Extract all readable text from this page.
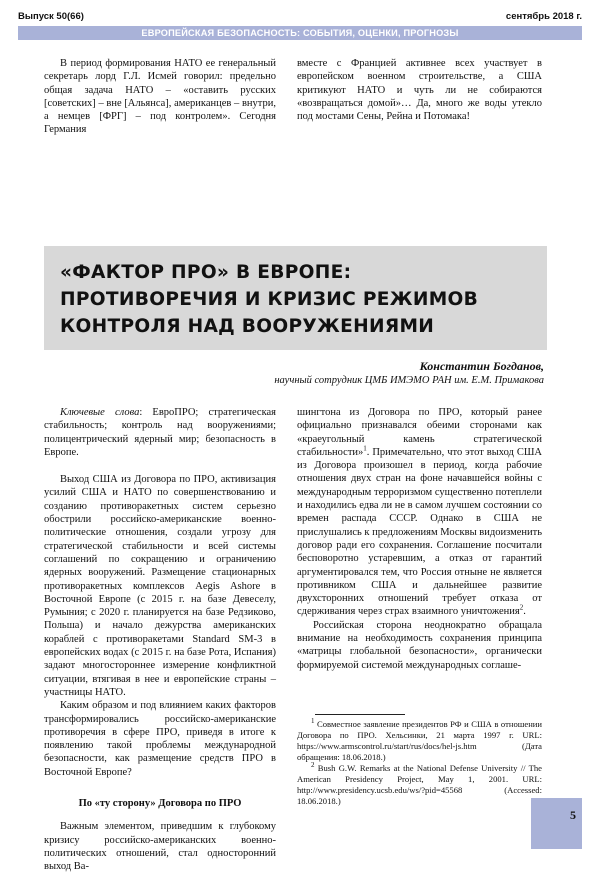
Выпуск 50(66)	сентябрь 2018 г.
ЕВРОПЕЙСКАЯ БЕЗОПАСНОСТЬ: СОБЫТИЯ, ОЦЕНКИ, ПРОГНОЗЫ

В период формирования НАТО ее генеральный секретарь лорд Г.Л. Исмей говорил: предельно общая задача НАТО – «оставить русских [советских] – вне [Альянса], американцев – внутри, а немцев [ФРГ] – под контролем». Сегодня Германия

вместе с Францией активнее всех участвует в европейском военном строительстве, а США критикуют НАТО и чуть ли не собираются «возвращаться домой»… Да, много же воды утекло под мостами Сены, Рейна и Потомака!

«ФАКТОР ПРО» В ЕВРОПЕ:
ПРОТИВОРЕЧИЯ И КРИЗИС РЕЖИМОВ
КОНТРОЛЯ НАД ВООРУЖЕНИЯМИ
Константин Богданов,
научный сотрудник ЦМБ ИМЭМО РАН им. Е.М. Примакова

Ключевые слова: ЕвроПРО; стратегическая стабильность; контроль над вооружениями; полицентрический ядерный мир; безопасность в Европе.

Выход США из Договора по ПРО, активизация усилий США и НАТО по совершенствованию и созданию противоракетных систем серьезно обострили российско-американские военно-политические отношения, создали угрозу для стратегической стабильности и всей системы соглашений по сокращению и ограничению ядерных вооружений. Размещение стационарных противоракетных комплексов Aegis Ashore в Восточной Европе (с 2015 г. на базе Девеселу, Румыния; с 2020 г. планируется на базе Редзиково, Польша) и начало дежурства американских кораблей с противоракетами Standard SM-3 в европейских водах (с 2015 г. на базе Рота, Испания) задают многостороннее измерение конфликтной ситуации, втягивая в нее и европейские страны – участницы НАТО.

Каким образом и под влиянием каких факторов трансформировались российско-американские противоречия в сфере ПРО, приведя в итоге к появлению такой проблемы международной безопасности, как размещение средств ПРО в Восточной Европе?

По «ту сторону» Договора по ПРО

Важным элементом, приведшим к глубокому кризису российско-американских военно-политических отношений, стал односторонний выход Ва-

шингтона из Договора по ПРО, который ранее официально признавался обеими сторонами как «краеугольный камень стратегической стабильности»$^1$. Примечательно, что этот выход США из Договора произошел в период, когда рабочие отношения двух стран на фоне начавшейся войны с международным терроризмом существенно потеплели и находились едва ли не в самом лучшем состоянии со времен распада СССР. Однако в США не прислушались к предложениям Москвы видоизменить договор ради его сохранения. Соглашение посчитали бесповоротно устаревшим, а отказ от гарантий аргументировался тем, что Россия отныне не является противником США и дальнейшее развитие двухсторонних отношений требует отказа от сдерживания через страх взаимного уничтожения$^2$.

Российская сторона неоднократно обращала внимание на необходимость сохранения принципа «матрицы глобальной безопасности», органически формируемой системой международных соглаше-

$^1$ Совместное заявление президентов РФ и США в отношении Договора по ПРО. Хельсинки, 21 марта 1997 г. URL: https://www.armscontrol.ru/start/rus/docs/hel-js.htm (Дата обращения: 18.06.2018.)

$^2$ Bush G.W. Remarks at the National Defense University // The American Presidency Project, May 1, 2001. URL: http://www.presidency.ucsb.edu/ws/?pid=45568 (Accessed: 18.06.2018.)

5
